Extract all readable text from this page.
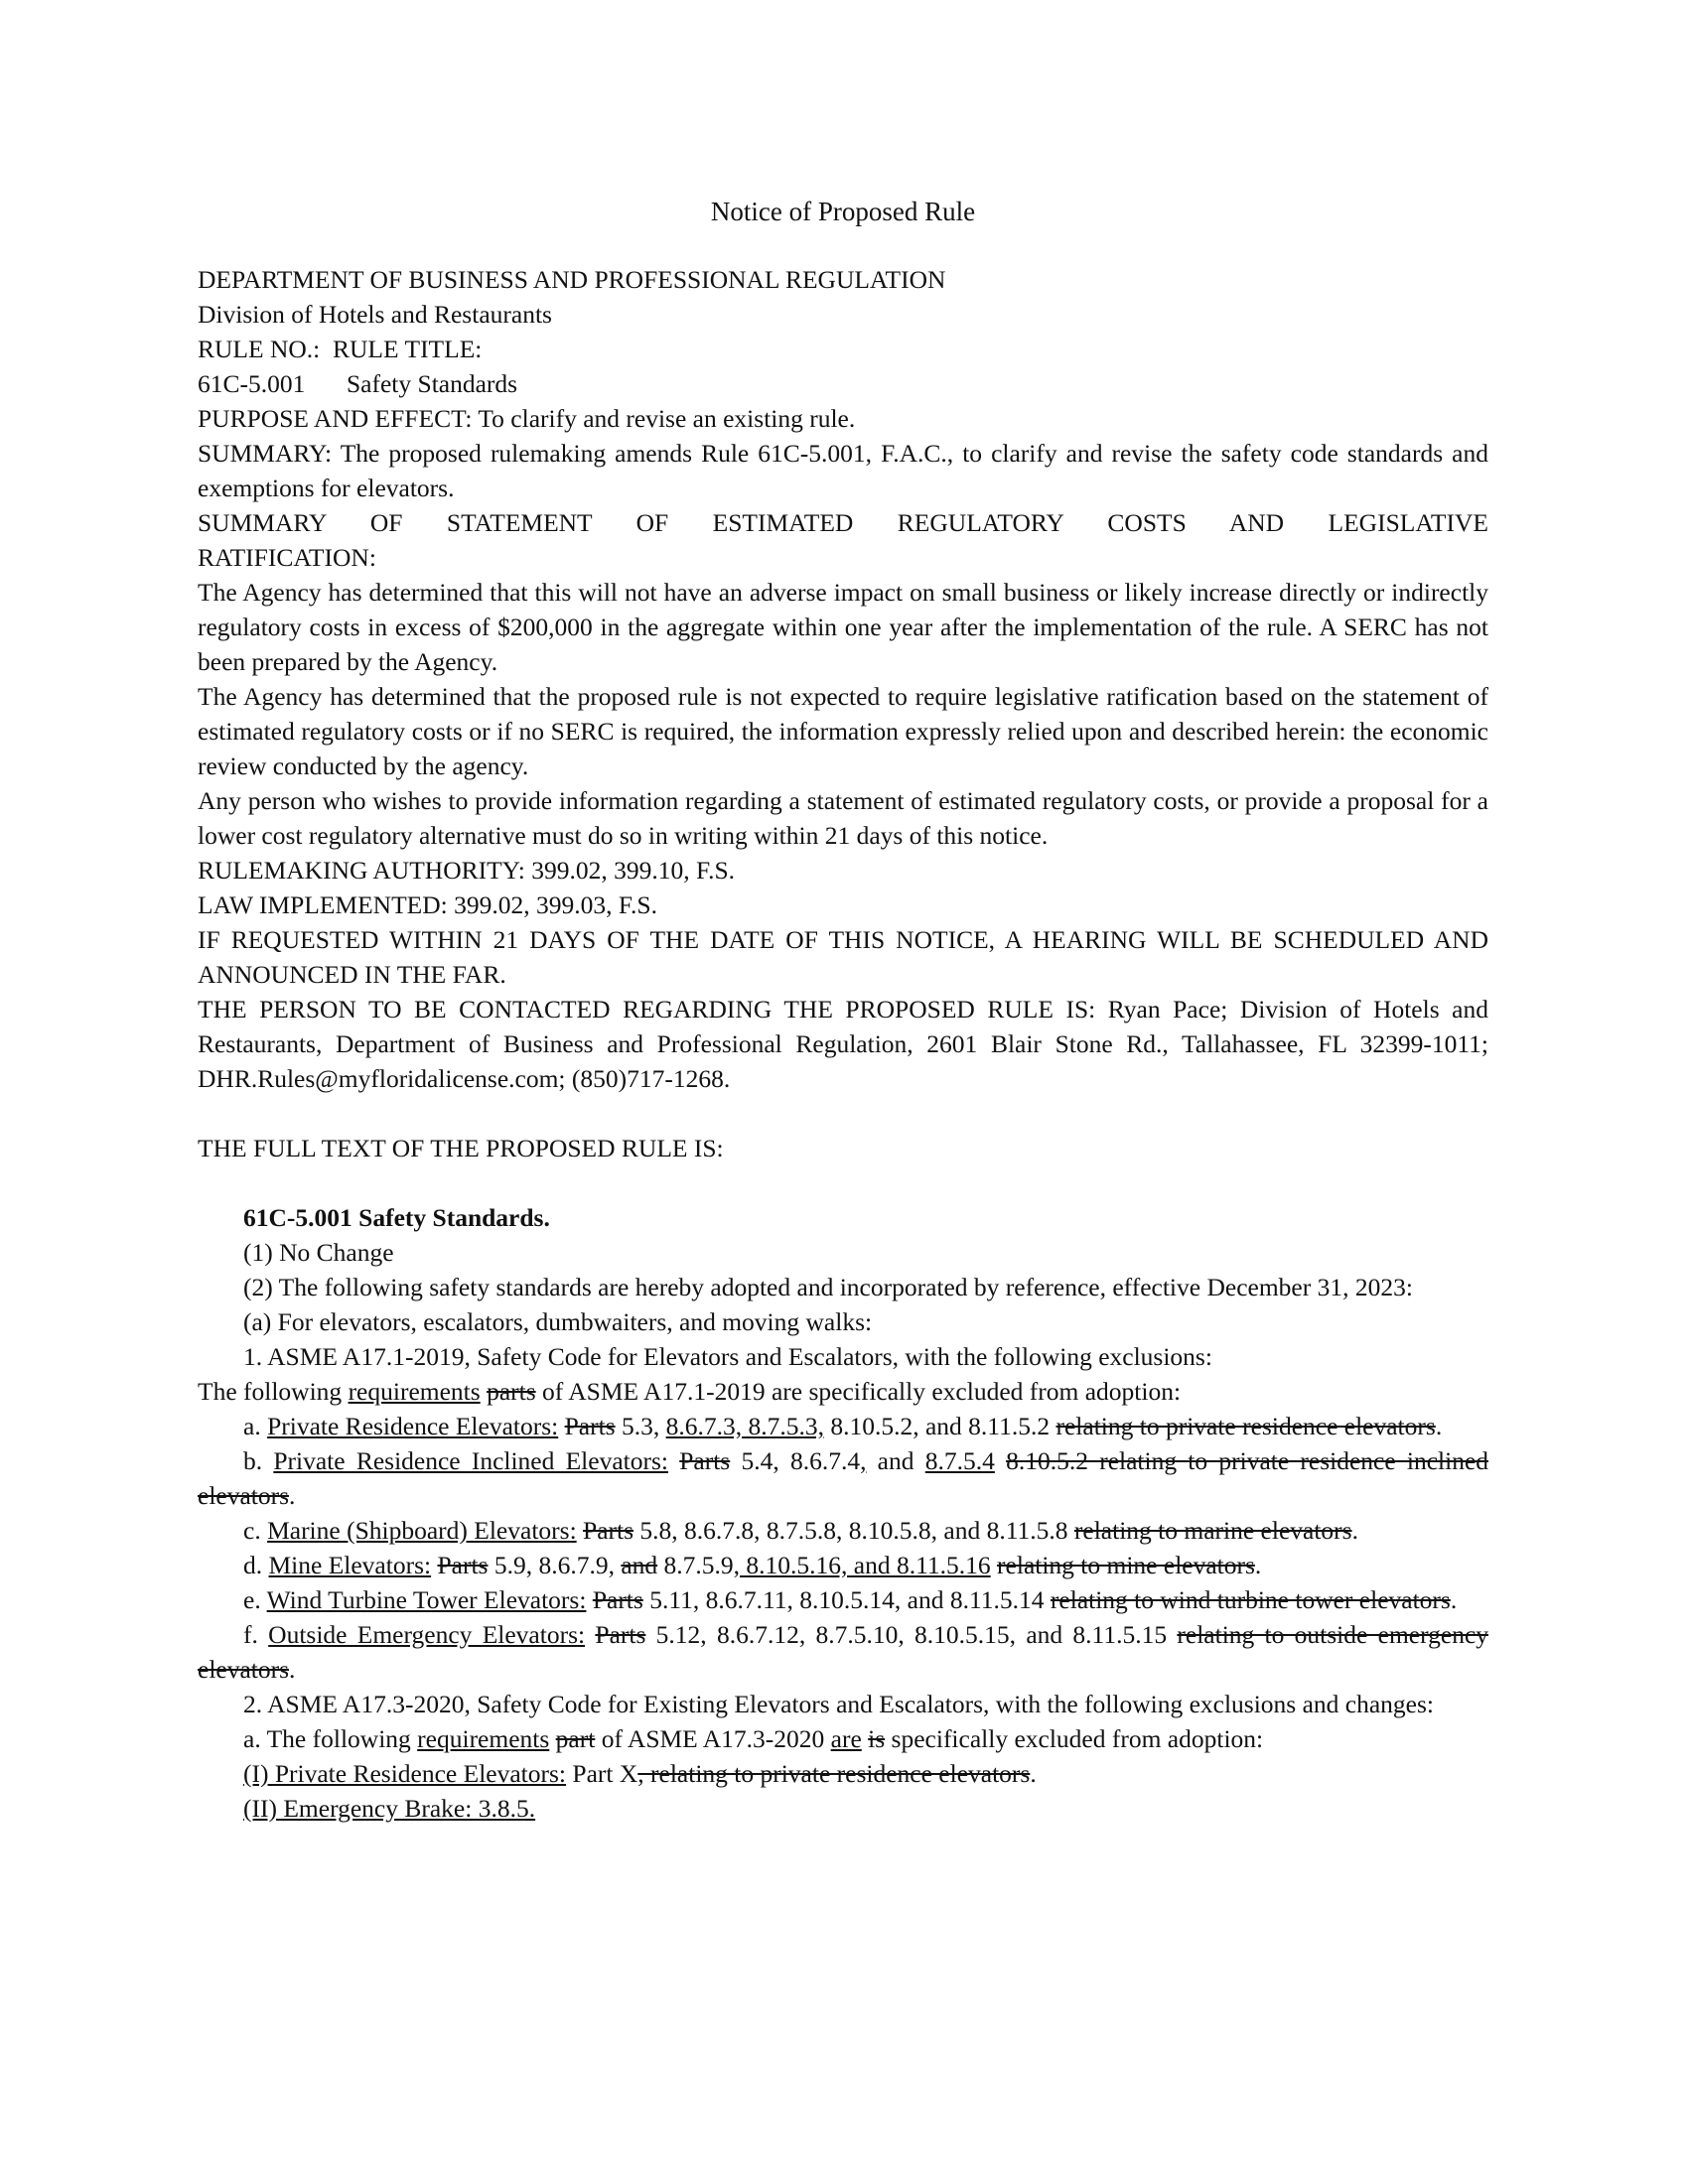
Notice of Proposed Rule

DEPARTMENT OF BUSINESS AND PROFESSIONAL REGULATION

Division of Hotels and Restaurants

RULE NO.: RULE TITLE:

61C-5.001 Safety Standards

PURPOSE AND EFFECT: To clarify and revise an existing rule.

SUMMARY: The proposed rulemaking amends Rule 61C-5.001, F.A.C., to clarify and revise the safety code standards and exemptions for elevators.

SUMMARY OF STATEMENT OF ESTIMATED REGULATORY COSTS AND LEGISLATIVE

RATIFICATION:

The Agency has determined that this will not have an adverse impact on small business or likely increase directly or indirectly regulatory costs in excess of $200,000 in the aggregate within one year after the implementation of the rule. A SERC has not been prepared by the Agency.

The Agency has determined that the proposed rule is not expected to require legislative ratification based on the statement of estimated regulatory costs or if no SERC is required, the information expressly relied upon and described herein: the economic review conducted by the agency.

Any person who wishes to provide information regarding a statement of estimated regulatory costs, or provide a proposal for a lower cost regulatory alternative must do so in writing within 21 days of this notice.

RULEMAKING AUTHORITY: 399.02, 399.10, F.S.

LAW IMPLEMENTED: 399.02, 399.03, F.S.

IF REQUESTED WITHIN 21 DAYS OF THE DATE OF THIS NOTICE, A HEARING WILL BE SCHEDULED AND ANNOUNCED IN THE FAR.

THE PERSON TO BE CONTACTED REGARDING THE PROPOSED RULE IS: Ryan Pace; Division of Hotels and Restaurants, Department of Business and Professional Regulation, 2601 Blair Stone Rd., Tallahassee, FL 32399-1011; DHR.Rules@myfloridalicense.com; (850)717-1268.

THE FULL TEXT OF THE PROPOSED RULE IS:

61C-5.001 Safety Standards.

(1) No Change

(2) The following safety standards are hereby adopted and incorporated by reference, effective December 31, 2023:

(a) For elevators, escalators, dumbwaiters, and moving walks:

1. ASME A17.1-2019, Safety Code for Elevators and Escalators, with the following exclusions:

The following requirements parts of ASME A17.1-2019 are specifically excluded from adoption:

a. Private Residence Elevators: Parts 5.3, 8.6.7.3, 8.7.5.3, 8.10.5.2, and 8.11.5.2 relating to private residence elevators.

b. Private Residence Inclined Elevators: Parts 5.4, 8.6.7.4, and 8.7.5.4 8.10.5.2 relating to private residence inclined elevators.

c. Marine (Shipboard) Elevators: Parts 5.8, 8.6.7.8, 8.7.5.8, 8.10.5.8, and 8.11.5.8 relating to marine elevators.

d. Mine Elevators: Parts 5.9, 8.6.7.9, and 8.7.5.9, 8.10.5.16, and 8.11.5.16 relating to mine elevators.

e. Wind Turbine Tower Elevators: Parts 5.11, 8.6.7.11, 8.10.5.14, and 8.11.5.14 relating to wind turbine tower elevators.

f. Outside Emergency Elevators: Parts 5.12, 8.6.7.12, 8.7.5.10, 8.10.5.15, and 8.11.5.15 relating to outside emergency elevators.

2. ASME A17.3-2020, Safety Code for Existing Elevators and Escalators, with the following exclusions and changes:

a. The following requirements part of ASME A17.3-2020 are is specifically excluded from adoption:

(I) Private Residence Elevators: Part X, relating to private residence elevators.

(II) Emergency Brake: 3.8.5.
